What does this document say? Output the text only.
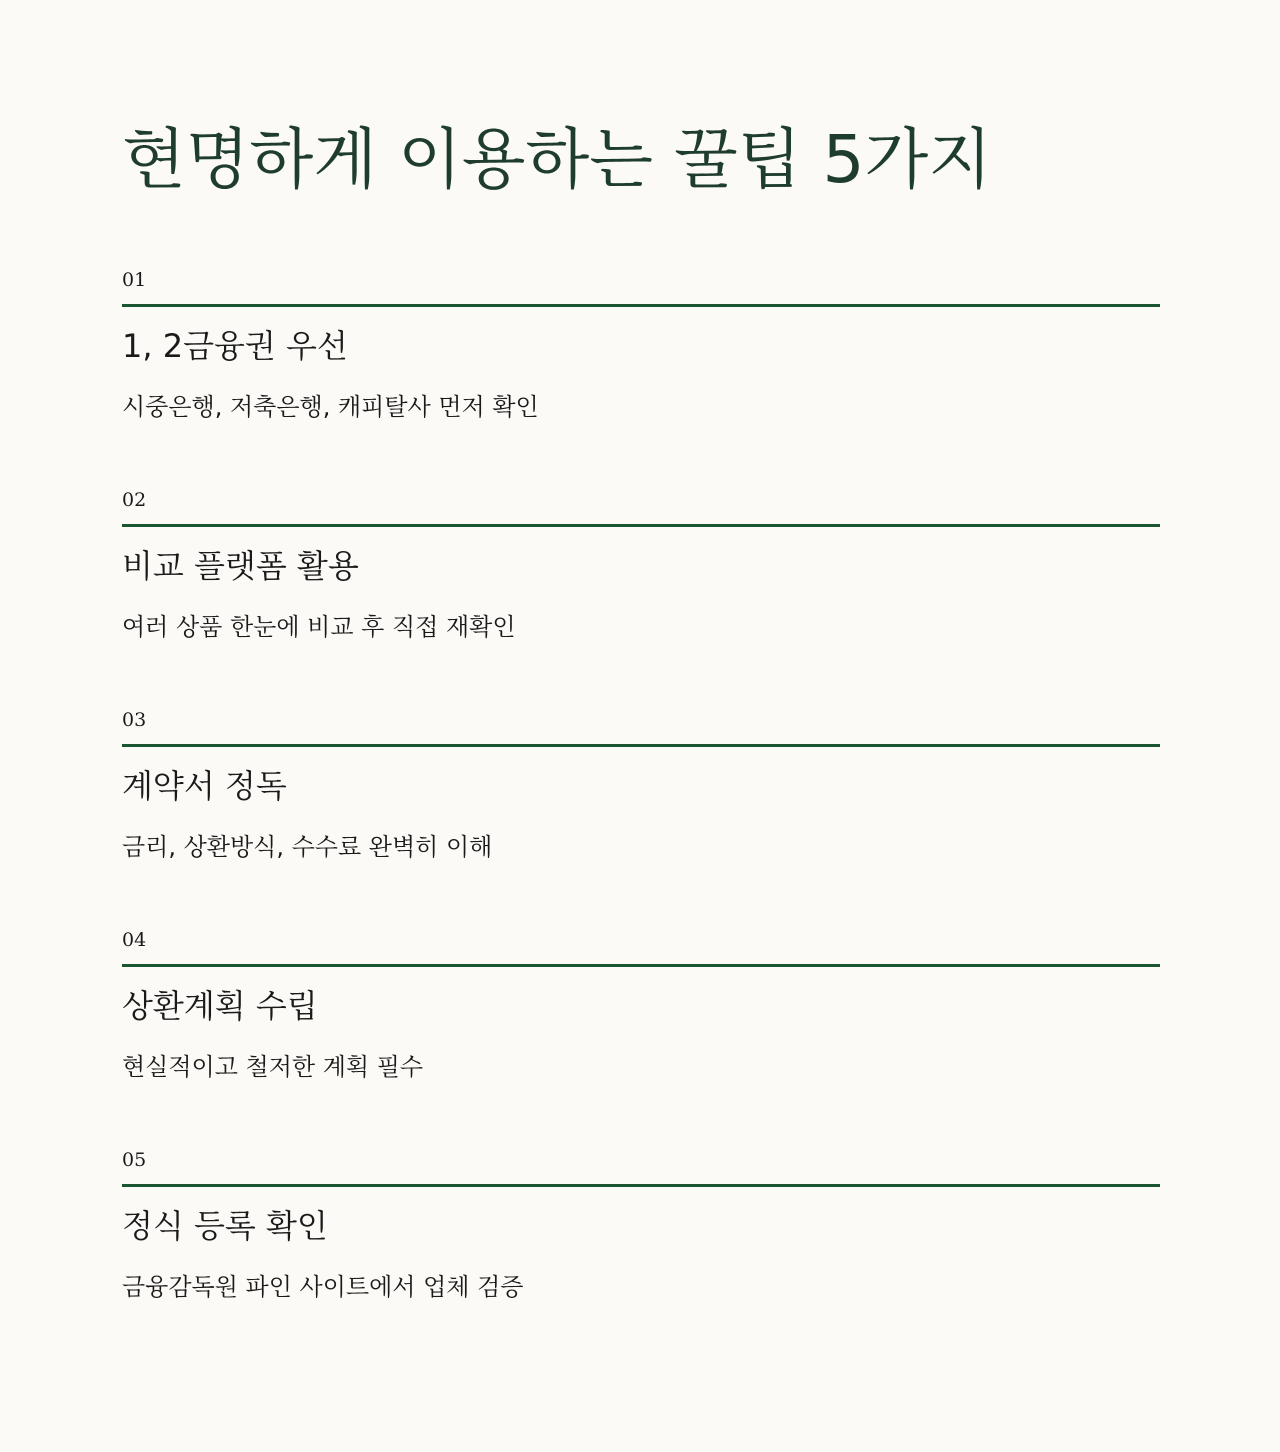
현명하게 이용하는 꿀팁 5가지
01
1, 2금융권 우선
시중은행, 저축은행, 캐피탈사 먼저 확인
02
비교 플랫폼 활용
여러 상품 한눈에 비교 후 직접 재확인
03
계약서 정독
금리, 상환방식, 수수료 완벽히 이해
04
상환계획 수립
현실적이고 철저한 계획 필수
05
정식 등록 확인
금융감독원 파인 사이트에서 업체 검증
